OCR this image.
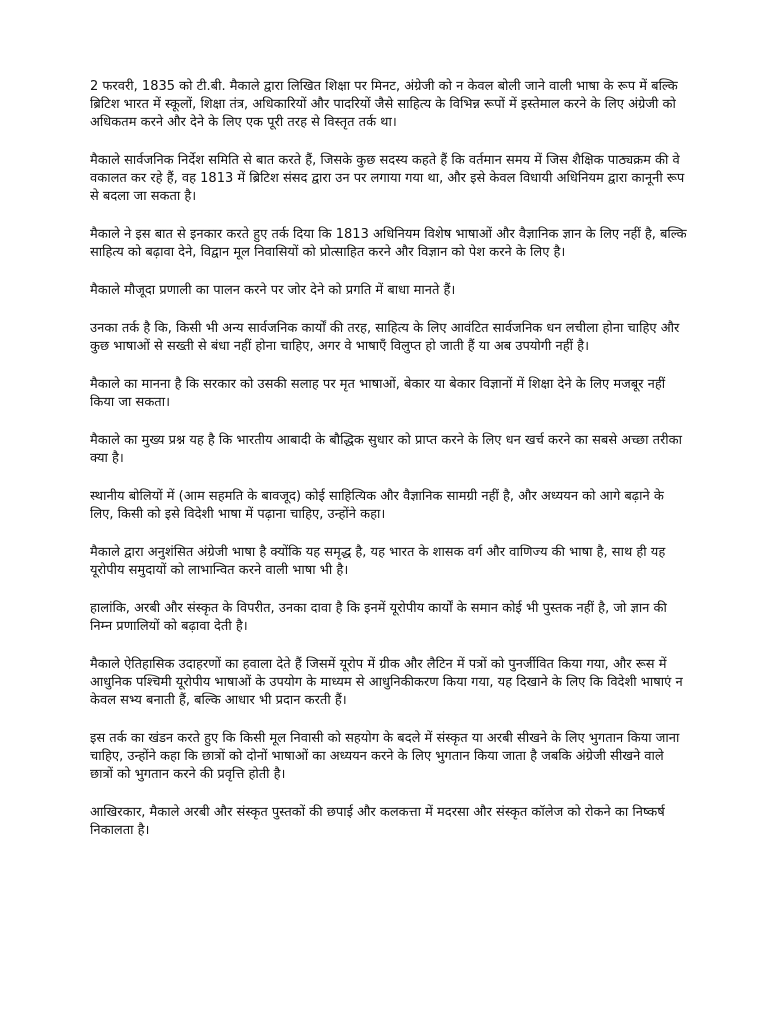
2 फरवरी, 1835 को टी.बी. मैकाले द्वारा लिखित शिक्षा पर मिनट, अंग्रेजी को न केवल बोली जाने वाली भाषा के रूप में बल्कि ब्रिटिश भारत में स्कूलों, शिक्षा तंत्र, अधिकारियों और पादरियों जैसे साहित्य के विभिन्न रूपों में इस्तेमाल करने के लिए अंग्रेजी को अधिकतम करने और देने के लिए एक पूरी तरह से विस्तृत तर्क था।

मैकाले सार्वजनिक निर्देश समिति से बात करते हैं, जिसके कुछ सदस्य कहते हैं कि वर्तमान समय में जिस शैक्षिक पाठ्यक्रम की वे वकालत कर रहे हैं, वह 1813 में ब्रिटिश संसद द्वारा उन पर लगाया गया था, और इसे केवल विधायी अधिनियम द्वारा कानूनी रूप से बदला जा सकता है।

मैकाले ने इस बात से इनकार करते हुए तर्क दिया कि 1813 अधिनियम विशेष भाषाओं और वैज्ञानिक ज्ञान के लिए नहीं है, बल्कि साहित्य को बढ़ावा देने, विद्वान मूल निवासियों को प्रोत्साहित करने और विज्ञान को पेश करने के लिए है।

मैकाले मौजूदा प्रणाली का पालन करने पर जोर देने को प्रगति में बाधा मानते हैं।

उनका तर्क है कि, किसी भी अन्य सार्वजनिक कार्यों की तरह, साहित्य के लिए आवंटित सार्वजनिक धन लचीला होना चाहिए और कुछ भाषाओं से सख्ती से बंधा नहीं होना चाहिए, अगर वे भाषाएँ विलुप्त हो जाती हैं या अब उपयोगी नहीं है।

मैकाले का मानना है कि सरकार को उसकी सलाह पर मृत भाषाओं, बेकार या बेकार विज्ञानों में शिक्षा देने के लिए मजबूर नहीं किया जा सकता।

मैकाले का मुख्य प्रश्न यह है कि भारतीय आबादी के बौद्धिक सुधार को प्राप्त करने के लिए धन खर्च करने का सबसे अच्छा तरीका क्या है।

स्थानीय बोलियों में (आम सहमति के बावजूद) कोई साहित्यिक और वैज्ञानिक सामग्री नहीं है, और अध्ययन को आगे बढ़ाने के लिए, किसी को इसे विदेशी भाषा में पढ़ाना चाहिए, उन्होंने कहा।

मैकाले द्वारा अनुशंसित अंग्रेजी भाषा है क्योंकि यह समृद्ध है, यह भारत के शासक वर्ग और वाणिज्य की भाषा है, साथ ही यह यूरोपीय समुदायों को लाभान्वित करने वाली भाषा भी है।

हालांकि, अरबी और संस्कृत के विपरीत, उनका दावा है कि इनमें यूरोपीय कार्यों के समान कोई भी पुस्तक नहीं है, जो ज्ञान की निम्न प्रणालियों को बढ़ावा देती है।

मैकाले ऐतिहासिक उदाहरणों का हवाला देते हैं जिसमें यूरोप में ग्रीक और लैटिन में पत्रों को पुनर्जीवित किया गया, और रूस में आधुनिक पश्चिमी यूरोपीय भाषाओं के उपयोग के माध्यम से आधुनिकीकरण किया गया, यह दिखाने के लिए कि विदेशी भाषाएं न केवल सभ्य बनाती हैं, बल्कि आधार भी प्रदान करती हैं।

इस तर्क का खंडन करते हुए कि किसी मूल निवासी को सहयोग के बदले में संस्कृत या अरबी सीखने के लिए भुगतान किया जाना चाहिए, उन्होंने कहा कि छात्रों को दोनों भाषाओं का अध्ययन करने के लिए भुगतान किया जाता है जबकि अंग्रेजी सीखने वाले छात्रों को भुगतान करने की प्रवृत्ति होती है।

आखिरकार, मैकाले अरबी और संस्कृत पुस्तकों की छपाई और कलकत्ता में मदरसा और संस्कृत कॉलेज को रोकने का निष्कर्ष निकालता है।
